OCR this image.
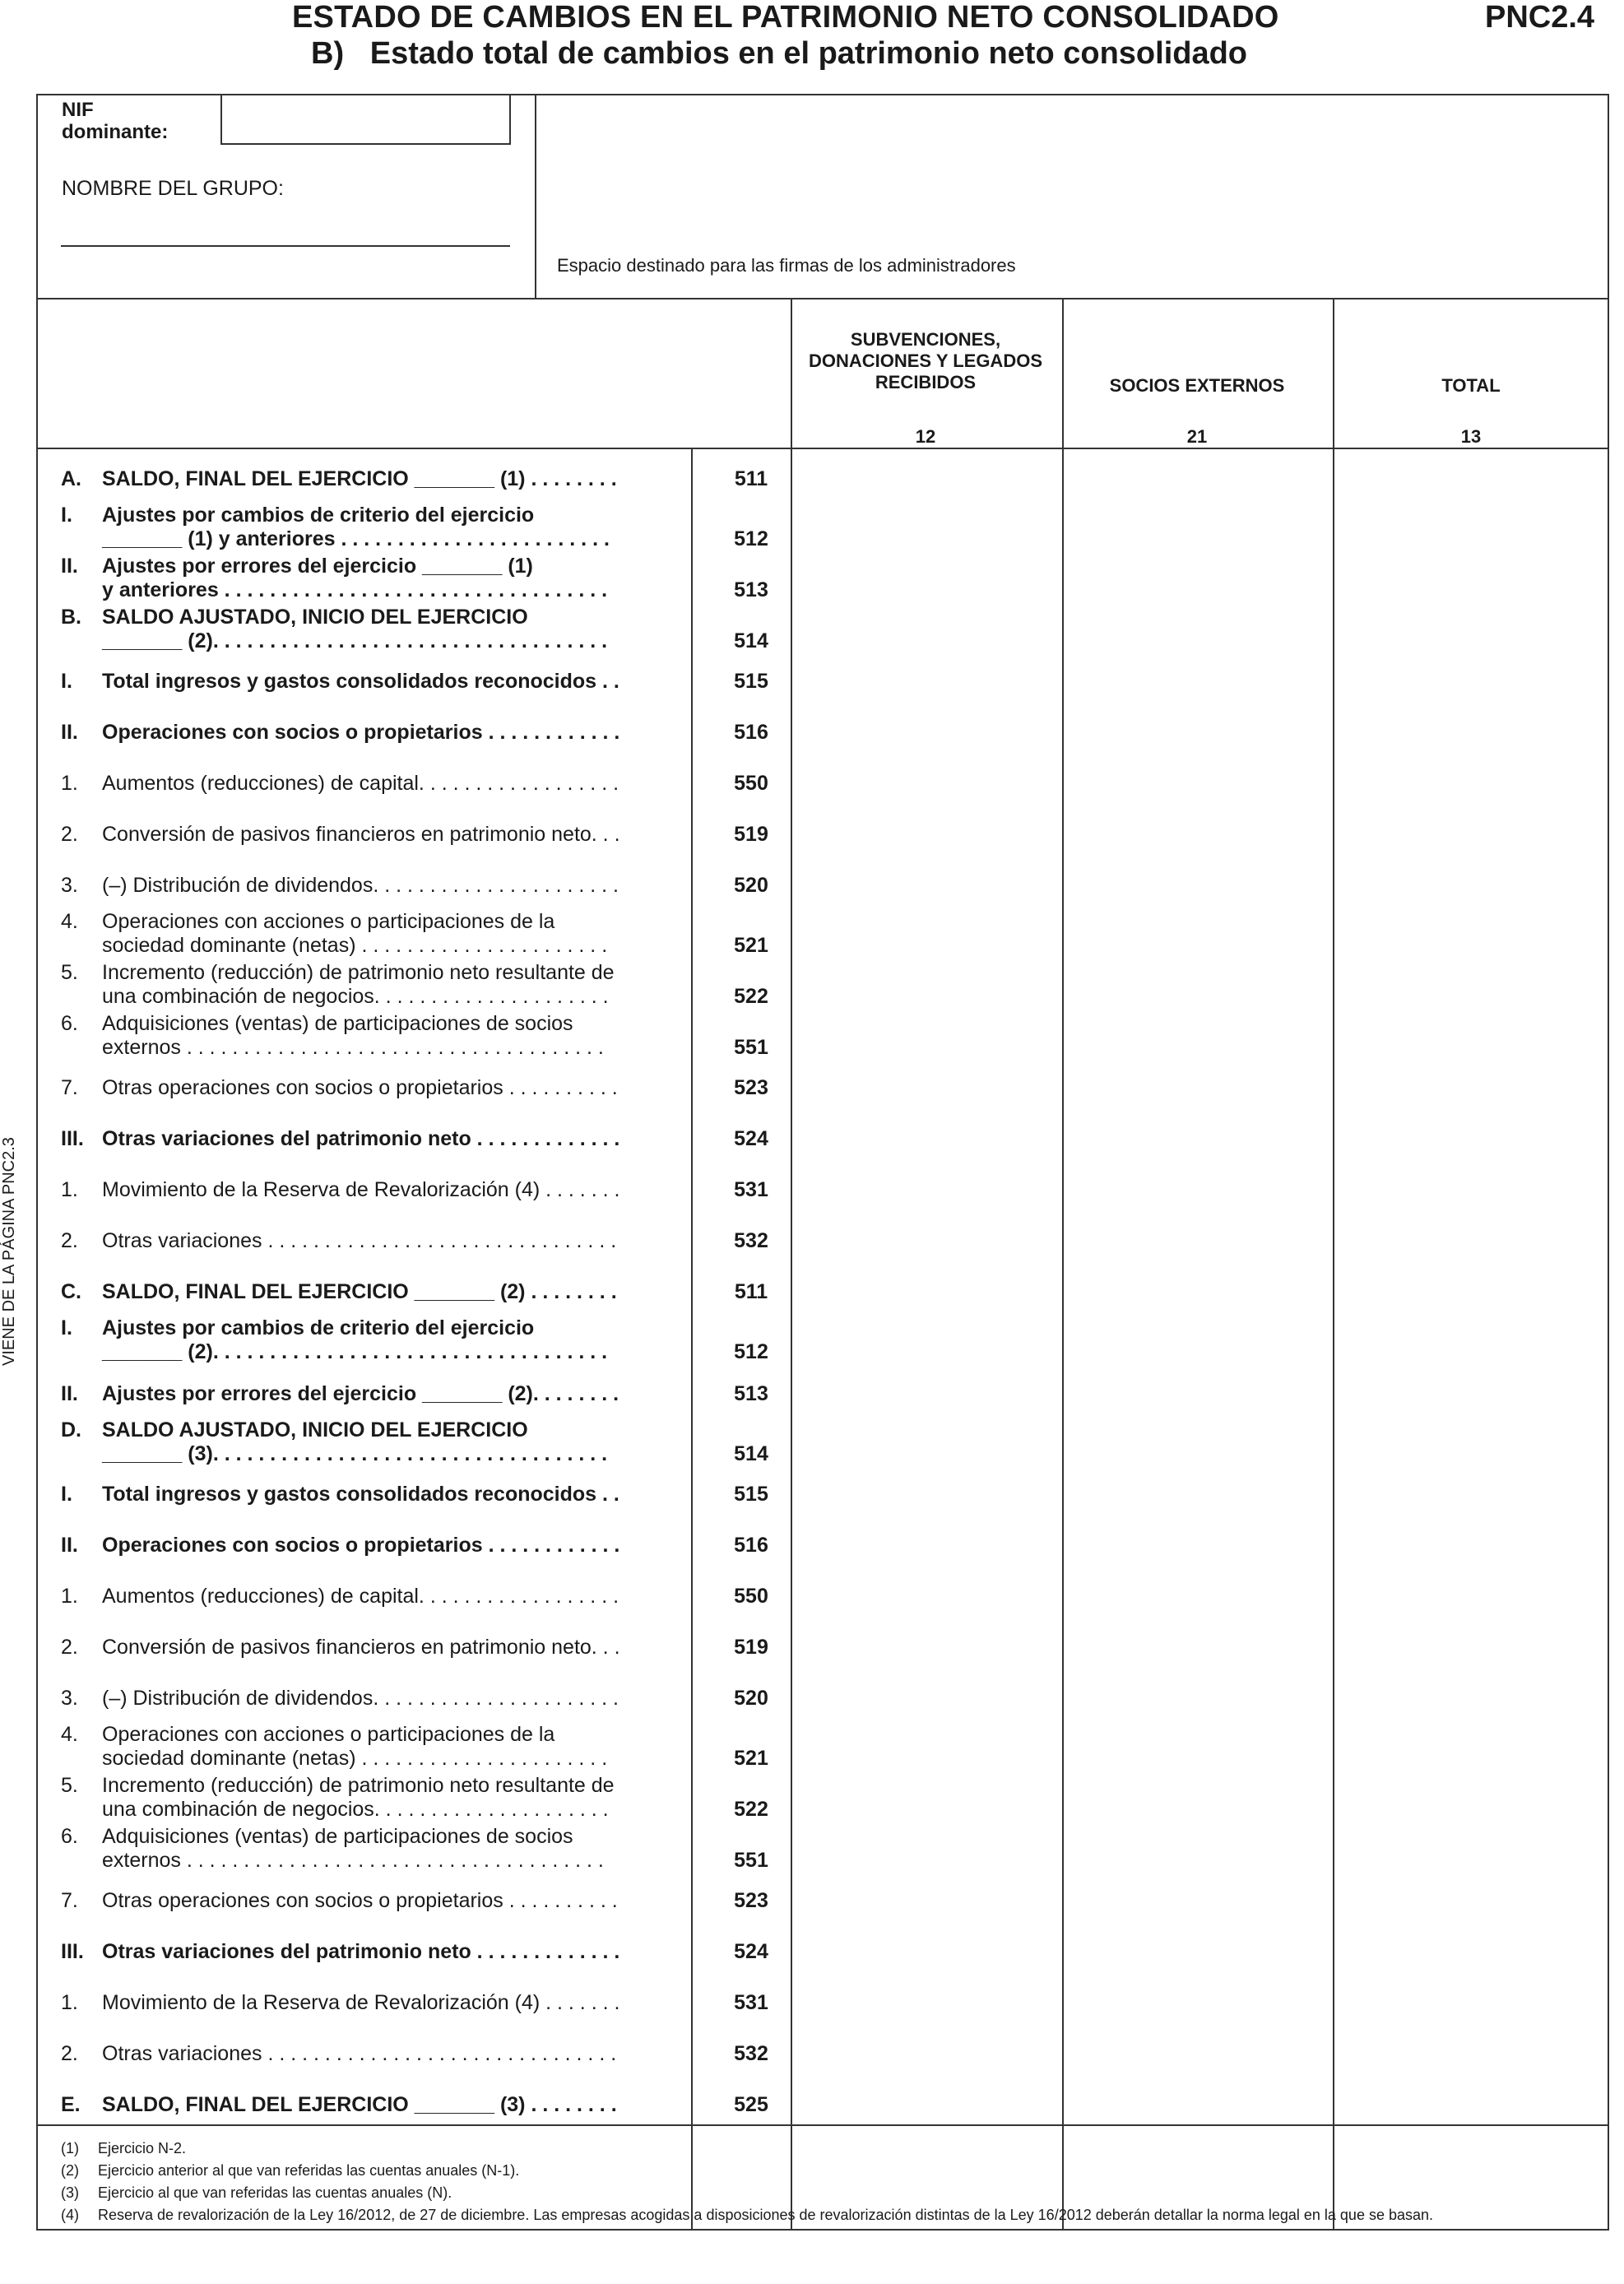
ESTADO DE CAMBIOS EN EL PATRIMONIO NETO CONSOLIDADO
B)   Estado total de cambios en el patrimonio neto consolidado
PNC2.4
NIF dominante:
NOMBRE DEL GRUPO:
Espacio destinado para las firmas de los administradores
SUBVENCIONES, DONACIONES Y LEGADOS RECIBIDOS	SOCIOS EXTERNOS	TOTAL
12	21	13
A. SALDO, FINAL DEL EJERCICIO _______ (1) . . . . . . . .	511
I. Ajustes por cambios de criterio del ejercicio
_______ (1) y anteriores . . . . . . . . . . . . . . . . . . . . . . . .	512
II. Ajustes por errores del ejercicio _______ (1)
y anteriores . . . . . . . . . . . . . . . . . . . . . . . . . . . . . . . . . .	513
B. SALDO AJUSTADO, INICIO DEL EJERCICIO
_______ (2). . . . . . . . . . . . . . . . . . . . . . . . . . . . . . . . . . .	514
I. Total ingresos y gastos consolidados reconocidos . .	515
II. Operaciones con socios o propietarios . . . . . . . . . . . .	516
1. Aumentos (reducciones) de capital. . . . . . . . . . . . . . . . . .	550
2. Conversión de pasivos financieros en patrimonio neto. . .	519
3. (–) Distribución de dividendos. . . . . . . . . . . . . . . . . . . . . .	520
4. Operaciones con acciones o participaciones de la
sociedad dominante (netas) . . . . . . . . . . . . . . . . . . . . . .	521
5. Incremento (reducción) de patrimonio neto resultante de
una combinación de negocios. . . . . . . . . . . . . . . . . . . . .	522
6. Adquisiciones (ventas) de participaciones de socios
externos . . . . . . . . . . . . . . . . . . . . . . . . . . . . . . . . . . . . .	551
7. Otras operaciones con socios o propietarios . . . . . . . . . .	523
III. Otras variaciones del patrimonio neto . . . . . . . . . . . . .	524
1. Movimiento de la Reserva de Revalorización (4) . . . . . . .	531
2. Otras variaciones . . . . . . . . . . . . . . . . . . . . . . . . . . . . . . .	532
C. SALDO, FINAL DEL EJERCICIO _______ (2) . . . . . . . .	511
I. Ajustes por cambios de criterio del ejercicio
_______ (2). . . . . . . . . . . . . . . . . . . . . . . . . . . . . . . . . . .	512
II. Ajustes por errores del ejercicio _______ (2). . . . . . . .	513
D. SALDO AJUSTADO, INICIO DEL EJERCICIO
_______ (3). . . . . . . . . . . . . . . . . . . . . . . . . . . . . . . . . . .	514
I. Total ingresos y gastos consolidados reconocidos . .	515
II. Operaciones con socios o propietarios . . . . . . . . . . . .	516
1. Aumentos (reducciones) de capital. . . . . . . . . . . . . . . . . .	550
2. Conversión de pasivos financieros en patrimonio neto. . .	519
3. (–) Distribución de dividendos. . . . . . . . . . . . . . . . . . . . . .	520
4. Operaciones con acciones o participaciones de la
sociedad dominante (netas) . . . . . . . . . . . . . . . . . . . . . .	521
5. Incremento (reducción) de patrimonio neto resultante de
una combinación de negocios. . . . . . . . . . . . . . . . . . . . .	522
6. Adquisiciones (ventas) de participaciones de socios
externos . . . . . . . . . . . . . . . . . . . . . . . . . . . . . . . . . . . . .	551
7. Otras operaciones con socios o propietarios . . . . . . . . . .	523
III. Otras variaciones del patrimonio neto . . . . . . . . . . . . .	524
1. Movimiento de la Reserva de Revalorización (4) . . . . . . .	531
2. Otras variaciones . . . . . . . . . . . . . . . . . . . . . . . . . . . . . . .	532
E. SALDO, FINAL DEL EJERCICIO _______ (3) . . . . . . . .	525
VIENE DE LA PÁGINA PNC2.3
(1) Ejercicio N-2.
(2) Ejercicio anterior al que van referidas las cuentas anuales (N-1).
(3) Ejercicio al que van referidas las cuentas anuales (N).
(4) Reserva de revalorización de la Ley 16/2012, de 27 de diciembre. Las empresas acogidas a disposiciones de revalorización distintas de la Ley 16/2012 deberán detallar la norma legal en la que se basan.
